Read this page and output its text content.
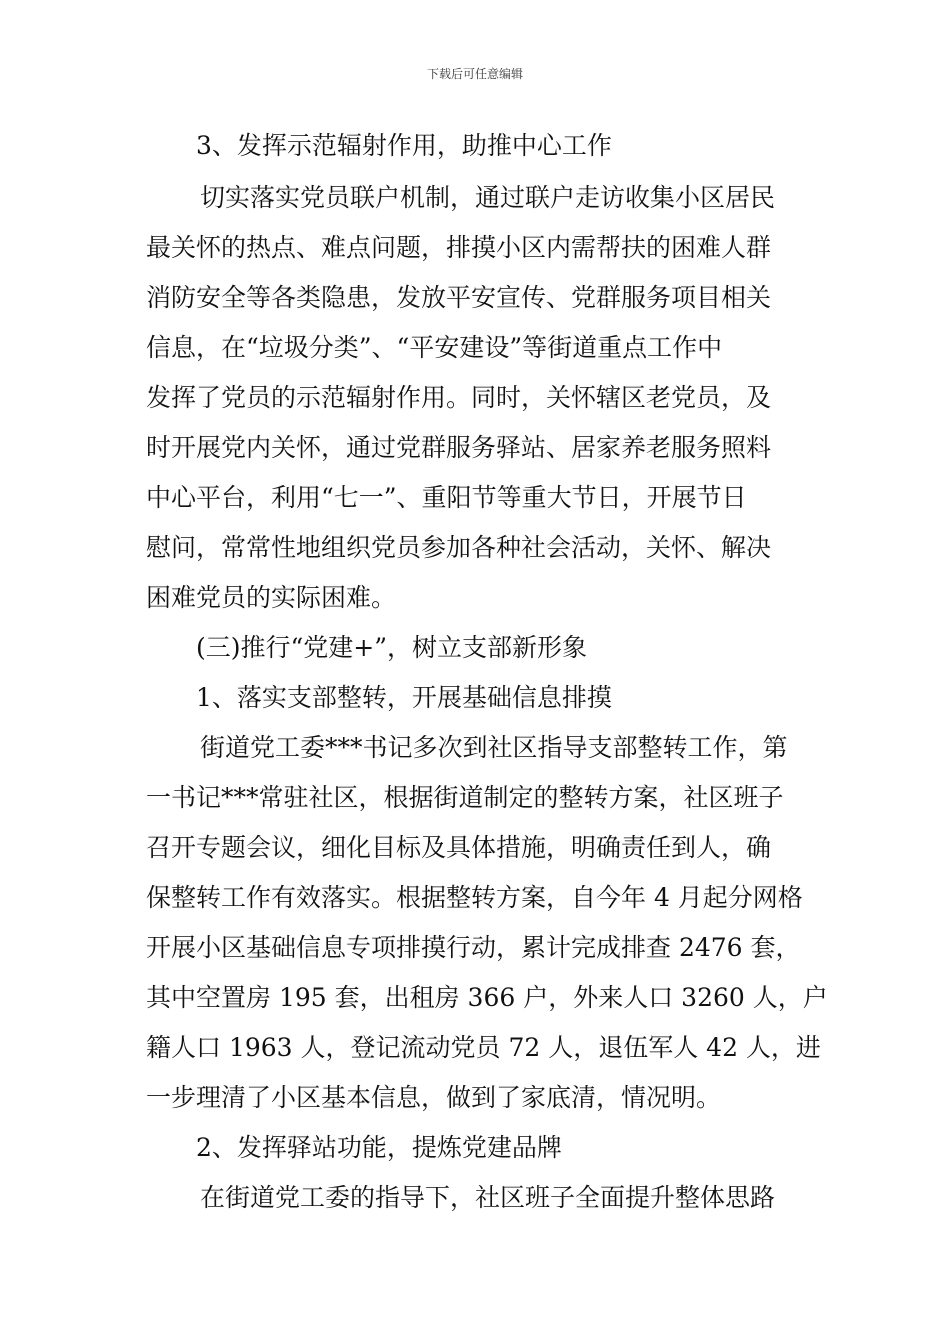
下载后可任意编辑
3、发挥示范辐射作用，助推中心工作
切实落实党员联户机制，通过联户走访收集小区居民
最关怀的热点、难点问题，排摸小区内需帮扶的困难人群
消防安全等各类隐患，发放平安宣传、党群服务项目相关
信息，在“垃圾分类”、“平安建设”等街道重点工作中
发挥了党员的示范辐射作用。同时，关怀辖区老党员，及
时开展党内关怀，通过党群服务驿站、居家养老服务照料
中心平台，利用“七一”、重阳节等重大节日，开展节日
慰问，常常性地组织党员参加各种社会活动，关怀、解决
困难党员的实际困难。
(三)推行“党建+”，树立支部新形象
1、落实支部整转，开展基础信息排摸
街道党工委***书记多次到社区指导支部整转工作，第
一书记***常驻社区，根据街道制定的整转方案，社区班子
召开专题会议，细化目标及具体措施，明确责任到人，确
保整转工作有效落实。根据整转方案，自今年 4 月起分网格
开展小区基础信息专项排摸行动，累计完成排查 2476 套，
其中空置房 195 套，出租房 366 户，外来人口 3260 人，户
籍人口 1963 人，登记流动党员 72 人，退伍军人 42 人，进
一步理清了小区基本信息，做到了家底清，情况明。
2、发挥驿站功能，提炼党建品牌
在街道党工委的指导下，社区班子全面提升整体思路
